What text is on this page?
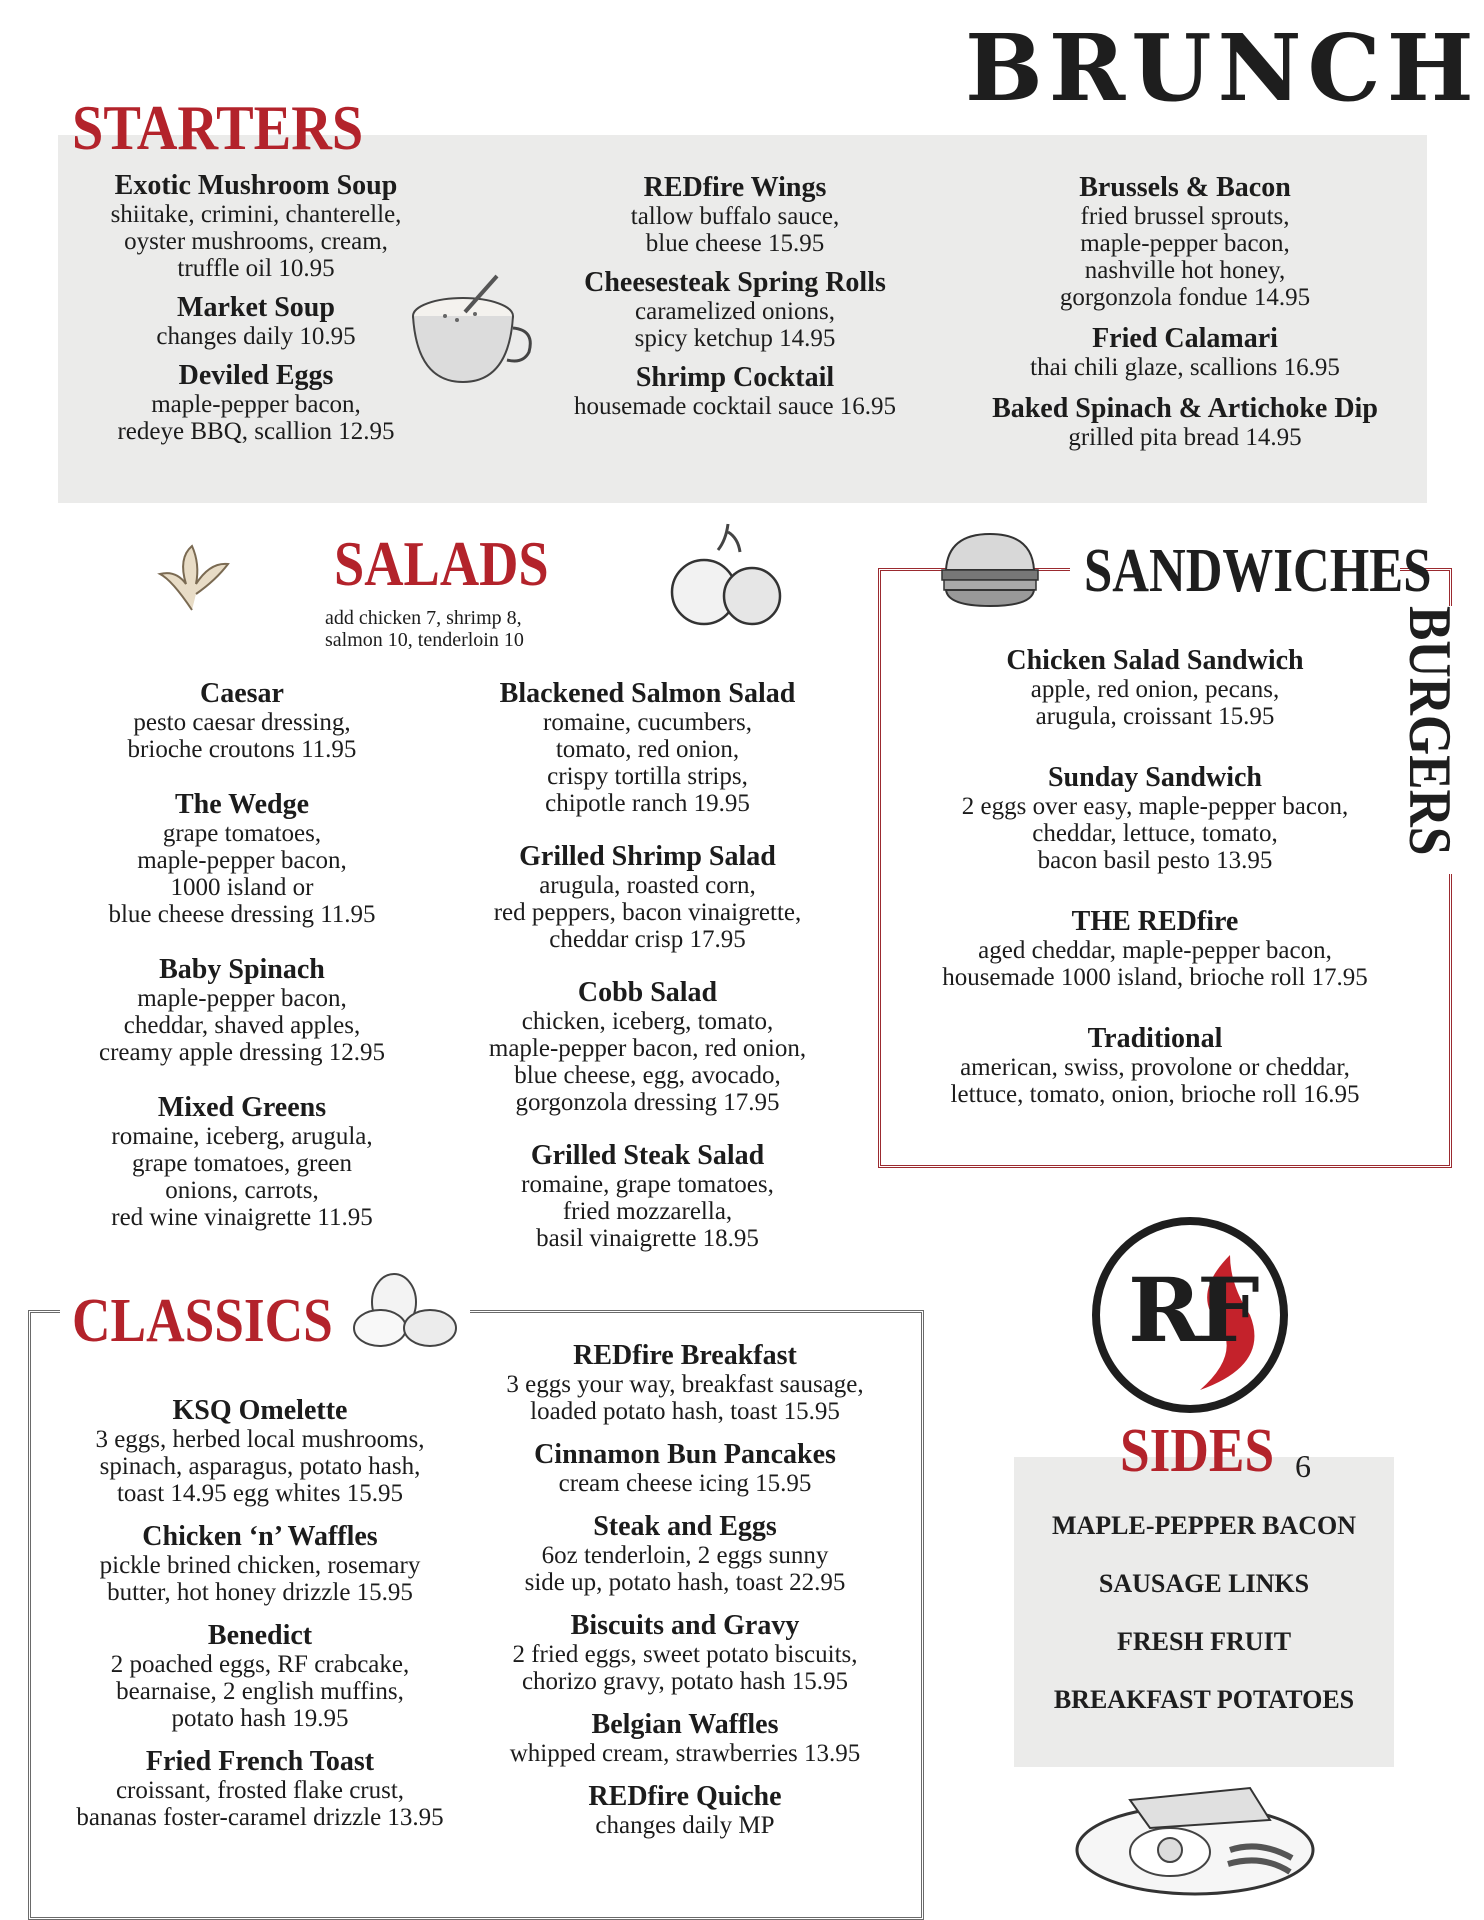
BRUNCH
STARTERS
Exotic Mushroom Soup
shiitake, crimini, chanterelle,
oyster mushrooms, cream,
truffle oil 10.95
Market Soup
changes daily 10.95
Deviled Eggs
maple-pepper bacon,
redeye BBQ, scallion 12.95
REDfire Wings
tallow buffalo sauce,
blue cheese 15.95
Cheesesteak Spring Rolls
caramelized onions,
spicy ketchup 14.95
Shrimp Cocktail
housemade cocktail sauce 16.95
Brussels & Bacon
fried brussel sprouts,
maple-pepper bacon,
nashville hot honey,
gorgonzola fondue 14.95
Fried Calamari
thai chili glaze, scallions 16.95
Baked Spinach & Artichoke Dip
grilled pita bread 14.95
SALADS
add chicken 7, shrimp 8,
salmon 10, tenderloin 10
Caesar
pesto caesar dressing,
brioche croutons 11.95
The Wedge
grape tomatoes,
maple-pepper bacon,
1000 island or
blue cheese dressing 11.95
Baby Spinach
maple-pepper bacon,
cheddar, shaved apples,
creamy apple dressing 12.95
Mixed Greens
romaine, iceberg, arugula,
grape tomatoes, green
onions, carrots,
red wine vinaigrette 11.95
Blackened Salmon Salad
romaine, cucumbers,
tomato, red onion,
crispy tortilla strips,
chipotle ranch 19.95
Grilled Shrimp Salad
arugula, roasted corn,
red peppers, bacon vinaigrette,
cheddar crisp 17.95
Cobb Salad
chicken, iceberg, tomato,
maple-pepper bacon, red onion,
blue cheese, egg, avocado,
gorgonzola dressing 17.95
Grilled Steak Salad
romaine, grape tomatoes,
fried mozzarella,
basil vinaigrette 18.95
SANDWICHES
BURGERS
Chicken Salad Sandwich
apple, red onion, pecans,
arugula, croissant 15.95
Sunday Sandwich
2 eggs over easy, maple-pepper bacon,
cheddar, lettuce, tomato,
bacon basil pesto 13.95
THE REDfire
aged cheddar, maple-pepper bacon,
housemade 1000 island, brioche roll 17.95
Traditional
american, swiss, provolone or cheddar,
lettuce, tomato, onion, brioche roll 16.95
RF
CLASSICS
KSQ Omelette
3 eggs, herbed local mushrooms,
spinach, asparagus, potato hash,
toast 14.95 egg whites 15.95
Chicken ‘n’ Waffles
pickle brined chicken, rosemary
butter, hot honey drizzle 15.95
Benedict
2 poached eggs, RF crabcake,
bearnaise, 2 english muffins,
potato hash 19.95
Fried French Toast
croissant, frosted flake crust,
bananas foster-caramel drizzle 13.95
REDfire Breakfast
3 eggs your way, breakfast sausage,
loaded potato hash, toast 15.95
Cinnamon Bun Pancakes
cream cheese icing 15.95
Steak and Eggs
6oz tenderloin, 2 eggs sunny
side up, potato hash, toast 22.95
Biscuits and Gravy
2 fried eggs, sweet potato biscuits,
chorizo gravy, potato hash 15.95
Belgian Waffles
whipped cream, strawberries 13.95
REDfire Quiche
changes daily MP
SIDES 6
MAPLE-PEPPER BACON
SAUSAGE LINKS
FRESH FRUIT
BREAKFAST POTATOES
